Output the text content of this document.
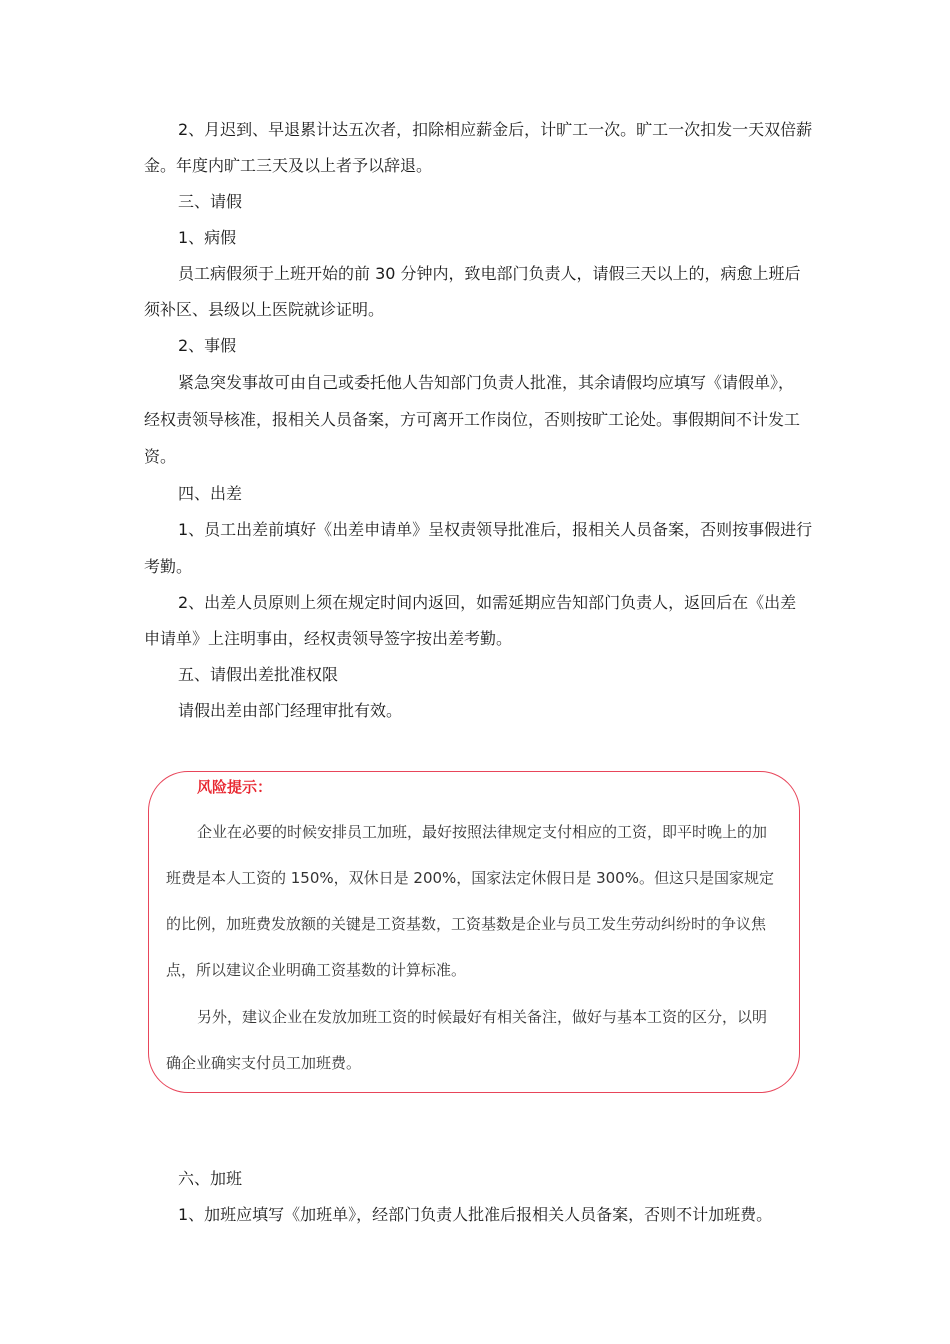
2、月迟到、早退累计达五次者，扣除相应薪金后，计旷工一次。旷工一次扣发一天双倍薪
金。年度内旷工三天及以上者予以辞退。
三、请假
1、病假
员工病假须于上班开始的前 30 分钟内，致电部门负责人，请假三天以上的，病愈上班后
须补区、县级以上医院就诊证明。
2、事假
紧急突发事故可由自己或委托他人告知部门负责人批准，其余请假均应填写《请假单》，
经权责领导核准，报相关人员备案，方可离开工作岗位，否则按旷工论处。事假期间不计发工
资。
四、出差
1、员工出差前填好《出差申请单》呈权责领导批准后，报相关人员备案，否则按事假进行
考勤。
2、出差人员原则上须在规定时间内返回，如需延期应告知部门负责人，返回后在《出差
申请单》上注明事由，经权责领导签字按出差考勤。
五、请假出差批准权限
请假出差由部门经理审批有效。
风险提示：
企业在必要的时候安排员工加班，最好按照法律规定支付相应的工资，即平时晚上的加
班费是本人工资的 150%，双休日是 200%，国家法定休假日是 300%。但这只是国家规定
的比例，加班费发放额的关键是工资基数，工资基数是企业与员工发生劳动纠纷时的争议焦
点，所以建议企业明确工资基数的计算标准。
另外，建议企业在发放加班工资的时候最好有相关备注，做好与基本工资的区分，以明
确企业确实支付员工加班费。
六、加班
1、加班应填写《加班单》，经部门负责人批准后报相关人员备案，否则不计加班费。
